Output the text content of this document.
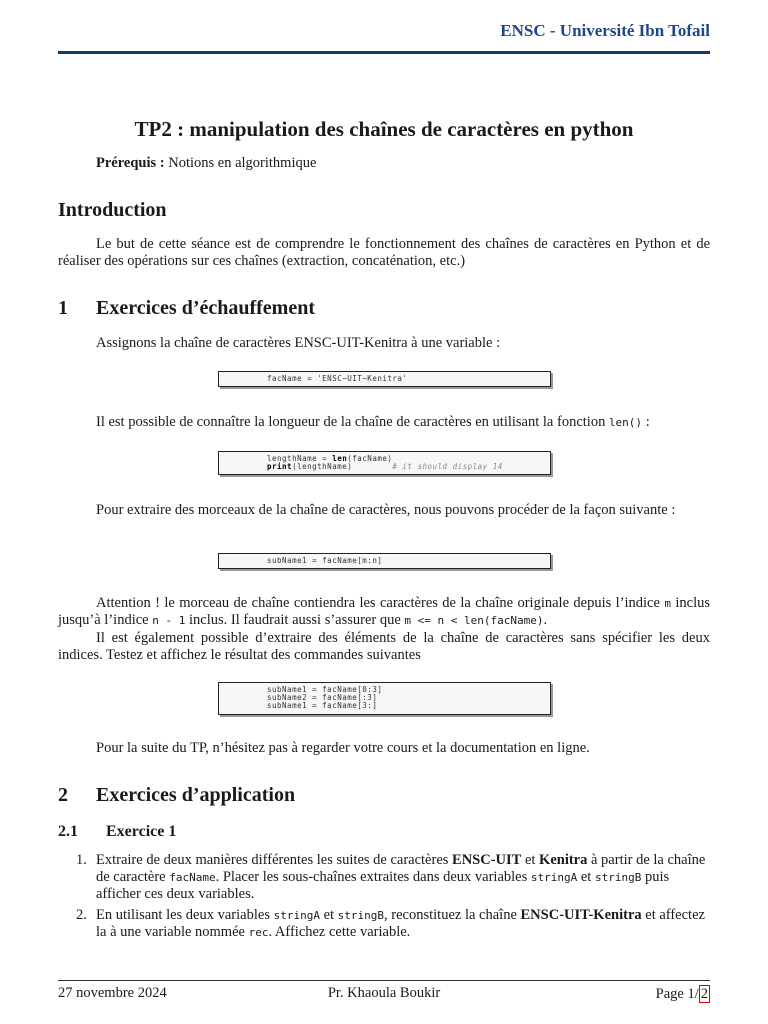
ENSC - Université Ibn Tofail
TP2 : manipulation des chaînes de caractères en python
Prérequis : Notions en algorithmique
Introduction
Le but de cette séance est de comprendre le fonctionnement des chaînes de caractères en Python et de réaliser des opérations sur ces chaînes (extraction, concaténation, etc.)
1 Exercices d’échauffement
Assignons la chaîne de caractères ENSC-UIT-Kenitra à une variable :
facName = 'ENSC−UIT−Kenitra'
Il est possible de connaître la longueur de la chaîne de caractères en utilisant la fonction len() :
lengthName = len(facName)
print(lengthName)	# it should display 14
Pour extraire des morceaux de la chaîne de caractères, nous pouvons procéder de la façon suivante :
subName1 = facName[m:n]
Attention ! le morceau de chaîne contiendra les caractères de la chaîne originale depuis l’indice m inclus jusqu’à l’indice n - 1 inclus. Il faudrait aussi s’assurer que m <= n < len(facName).
Il est également possible d’extraire des éléments de la chaîne de caractères sans spécifier les deux indices. Testez et affichez le résultat des commandes suivantes
subName1 = facName[0:3]
subName2 = facName[:3]
subName1 = facName[3:]
Pour la suite du TP, n’hésitez pas à regarder votre cours et la documentation en ligne.
2 Exercices d’application
2.1 Exercice 1
1. Extraire de deux manières différentes les suites de caractères ENSC-UIT et Kenitra à partir de la chaîne de caractère facName. Placer les sous-chaînes extraites dans deux variables stringA et stringB puis afficher ces deux variables.
2. En utilisant les deux variables stringA et stringB, reconstituez la chaîne ENSC-UIT-Kenitra et affectez la à une variable nommée rec. Affichez cette variable.
27 novembre 2024	Pr. Khaoula Boukir	Page 1/ 2
